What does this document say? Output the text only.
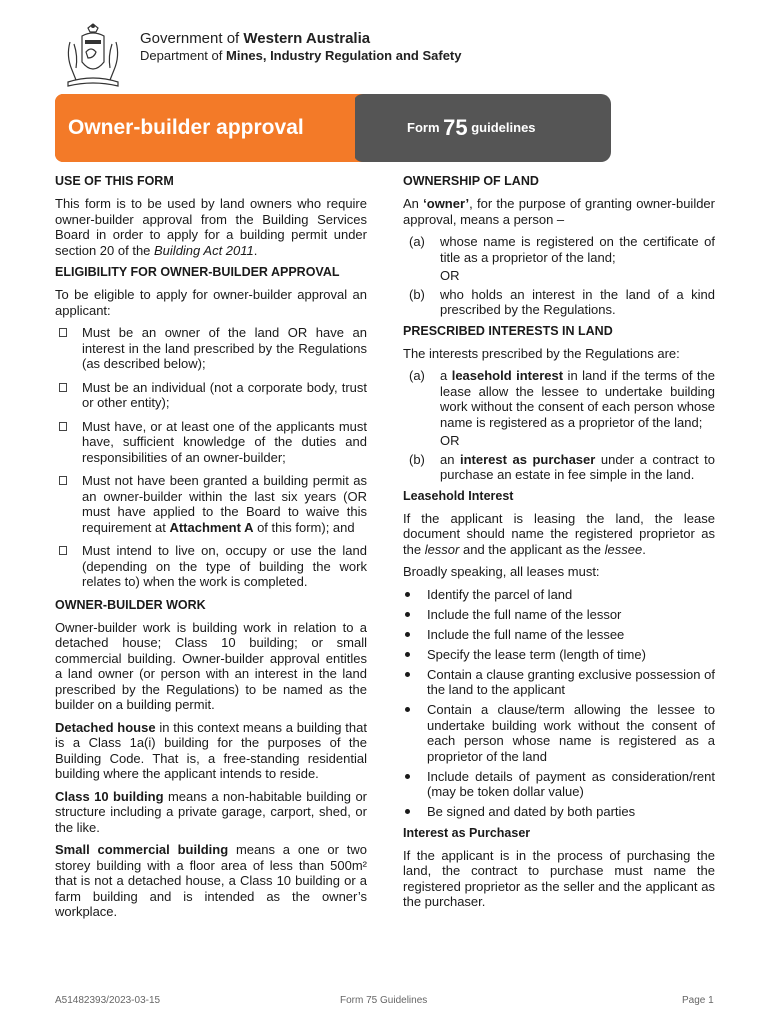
Government of Western Australia
Department of Mines, Industry Regulation and Safety
Owner-builder approval	Form 75 guidelines
USE OF THIS FORM

This form is to be used by land owners who require owner-builder approval from the Building Services Board in order to apply for a building permit under section 20 of the Building Act 2011.

ELIGIBILITY FOR OWNER-BUILDER APPROVAL

To be eligible to apply for owner-builder approval an applicant:

Must be an owner of the land OR have an interest in the land prescribed by the Regulations (as described below);
Must be an individual (not a corporate body, trust or other entity);
Must have, or at least one of the applicants must have, sufficient knowledge of the duties and responsibilities of an owner-builder;
Must not have been granted a building permit as an owner-builder within the last six years (OR must have applied to the Board to waive this requirement at Attachment A of this form); and
Must intend to live on, occupy or use the land (depending on the type of building the work relates to) when the work is completed.
OWNER-BUILDER WORK

Owner-builder work is building work in relation to a detached house; Class 10 building; or small commercial building. Owner-builder approval entitles a land owner (or person with an interest in the land prescribed by the Regulations) to be named as the builder on a building permit.

Detached house in this context means a building that is a Class 1a(i) building for the purposes of the Building Code. That is, a free-standing residential building where the applicant intends to reside.

Class 10 building means a non-habitable building or structure including a private garage, carport, shed, or the like.

Small commercial building means a one or two storey building with a floor area of less than 500m² that is not a detached house, a Class 10 building or a farm building and is intended as the owner’s workplace.

OWNERSHIP OF LAND

An ‘owner’, for the purpose of granting owner-builder approval, means a person –

(a) whose name is registered on the certificate of title as a proprietor of the land;
OR
(b) who holds an interest in the land of a kind prescribed by the Regulations.
PRESCRIBED INTERESTS IN LAND

The interests prescribed by the Regulations are:

(a) a leasehold interest in land if the terms of the lease allow the lessee to undertake building work without the consent of each person whose name is registered as a proprietor of the land;
OR
(b) an interest as purchaser under a contract to purchase an estate in fee simple in the land.
Leasehold Interest

If the applicant is leasing the land, the lease document should name the registered proprietor as the lessor and the applicant as the lessee.

Broadly speaking, all leases must:

Identify the parcel of land
Include the full name of the lessor
Include the full name of the lessee
Specify the lease term (length of time)
Contain a clause granting exclusive possession of the land to the applicant
Contain a clause/term allowing the lessee to undertake building work without the consent of each person whose name is registered as a proprietor of the land
Include details of payment as consideration/rent (may be token dollar value)
Be signed and dated by both parties
Interest as Purchaser

If the applicant is in the process of purchasing the land, the contract to purchase must name the registered proprietor as the seller and the applicant as the purchaser.

A51482393/2023-03-15	Form 75 Guidelines	Page 1
